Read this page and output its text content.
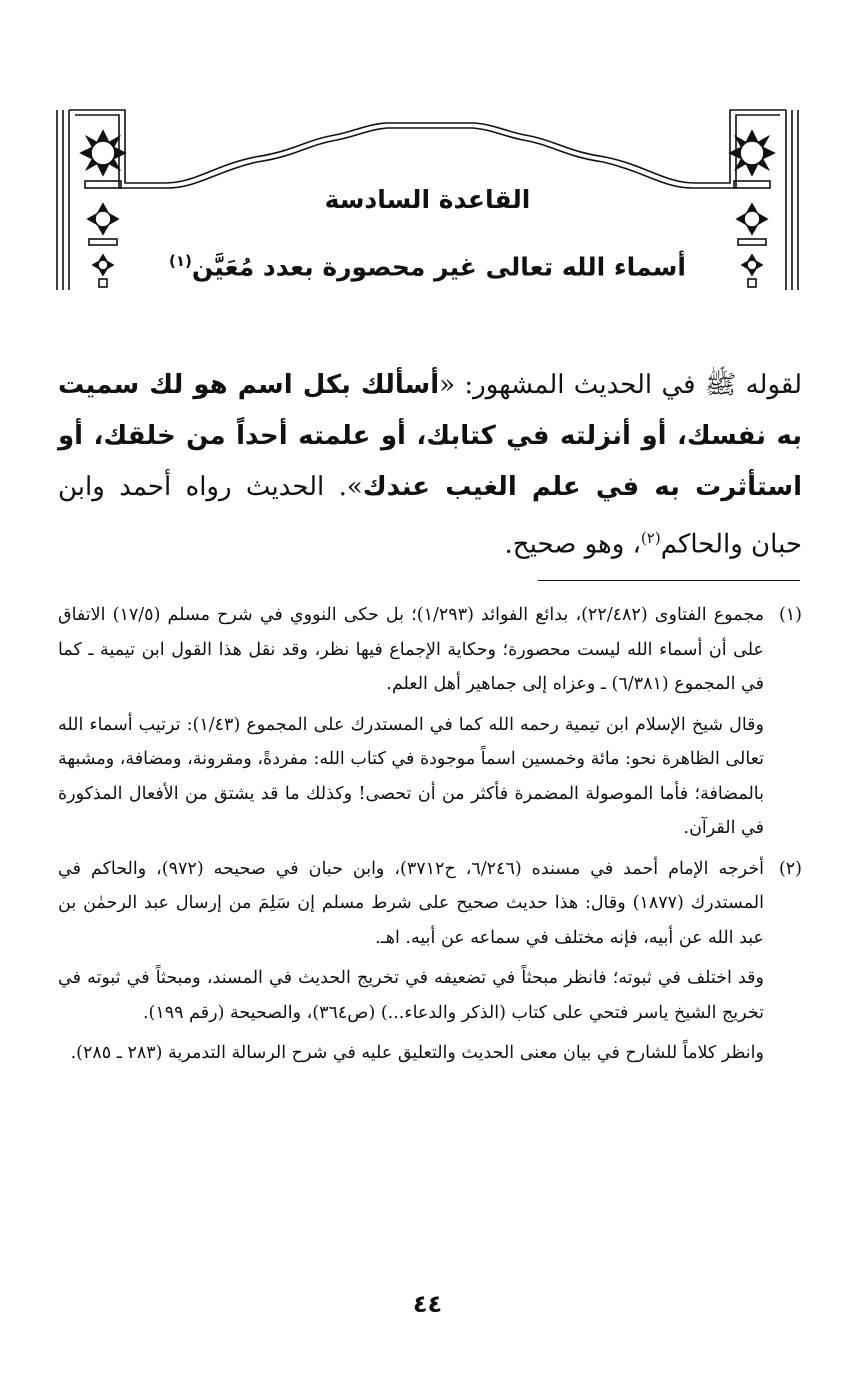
القاعدة السادسة
أسماء الله تعالى غير محصورة بعدد مُعَيَّن$^{(١)}$
لقوله ﷺ في الحديث المشهور: «أسألك بكل اسم هو لك سميت به نفسك، أو أنزلته في كتابك، أو علمته أحداً من خلقك، أو استأثرت به في علم الغيب عندك». الحديث رواه أحمد وابن حبان والحاكم$^{(٢)}$، وهو صحيح.
(١)

مجموع الفتاوى (٢٢/٤٨٢)، بدائع الفوائد (١/٢٩٣)؛ بل حكى النووي في شرح مسلم (١٧/٥) الاتفاق على أن أسماء الله ليست محصورة؛ وحكاية الإجماع فيها نظر، وقد نقل هذا القول ابن تيمية ـ كما في المجموع (٦/٣٨١) ـ وعزاه إلى جماهير أهل العلم.

وقال شيخ الإسلام ابن تيمية رحمه الله كما في المستدرك على المجموع (١/٤٣): ترتيب أسماء الله تعالى الظاهرة نحو: مائة وخمسين اسماً موجودة في كتاب الله: مفردةً، ومقرونة، ومضافة، ومشبهة بالمضافة؛ فأما الموصولة المضمرة فأكثر من أن تحصى! وكذلك ما قد يشتق من الأفعال المذكورة في القرآن.

(٢)

أخرجه الإمام أحمد في مسنده (٦/٢٤٦، ح٣٧١٢)، وابن حبان في صحيحه (٩٧٢)، والحاكم في المستدرك (١٨٧٧) وقال: هذا حديث صحيح على شرط مسلم إن سَلِمَ من إرسال عبد الرحمٰن بن عبد الله عن أبيه، فإنه مختلف في سماعه عن أبيه. اهـ.

وقد اختلف في ثبوته؛ فانظر مبحثاً في تضعيفه في تخريج الحديث في المسند، ومبحثاً في ثبوته في تخريج الشيخ ياسر فتحي على كتاب (الذكر والدعاء...) (ص٣٦٤)، والصحيحة (رقم ١٩٩).

وانظر كلاماً للشارح في بيان معنى الحديث والتعليق عليه في شرح الرسالة التدمرية (٢٨٣ ـ ٢٨٥).

٤٤
